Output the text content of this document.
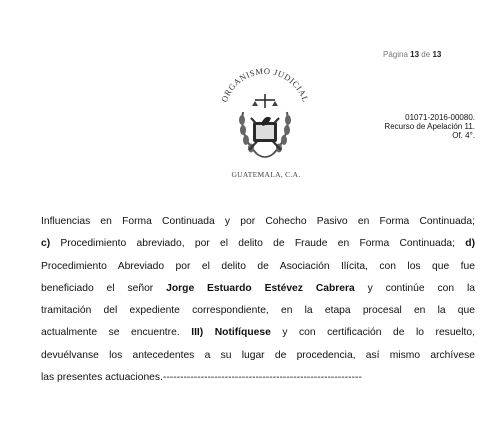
Página 13 de 13
ORGANISMO JUDICIAL
GUATEMALA, C.A.
01071-2016-00080.
Recurso de Apelación 11.
Of. 4°.
Influencias en Forma Continuada y por Cohecho Pasivo en Forma Continuada;
c) Procedimiento abreviado, por el delito de Fraude en Forma Continuada; d)
Procedimiento Abreviado por el delito de Asociación Ilícita, con los que fue
beneficiado el señor Jorge Estuardo Estévez Cabrera y continúe con la
tramitación del expediente correspondiente, en la etapa procesal en la que
actualmente se encuentre. III) Notifíquese y con certificación de lo resuelto,
devuélvanse los antecedentes a su lugar de procedencia, así mismo archívese
las presentes actuaciones.----------------------------------------------------------
